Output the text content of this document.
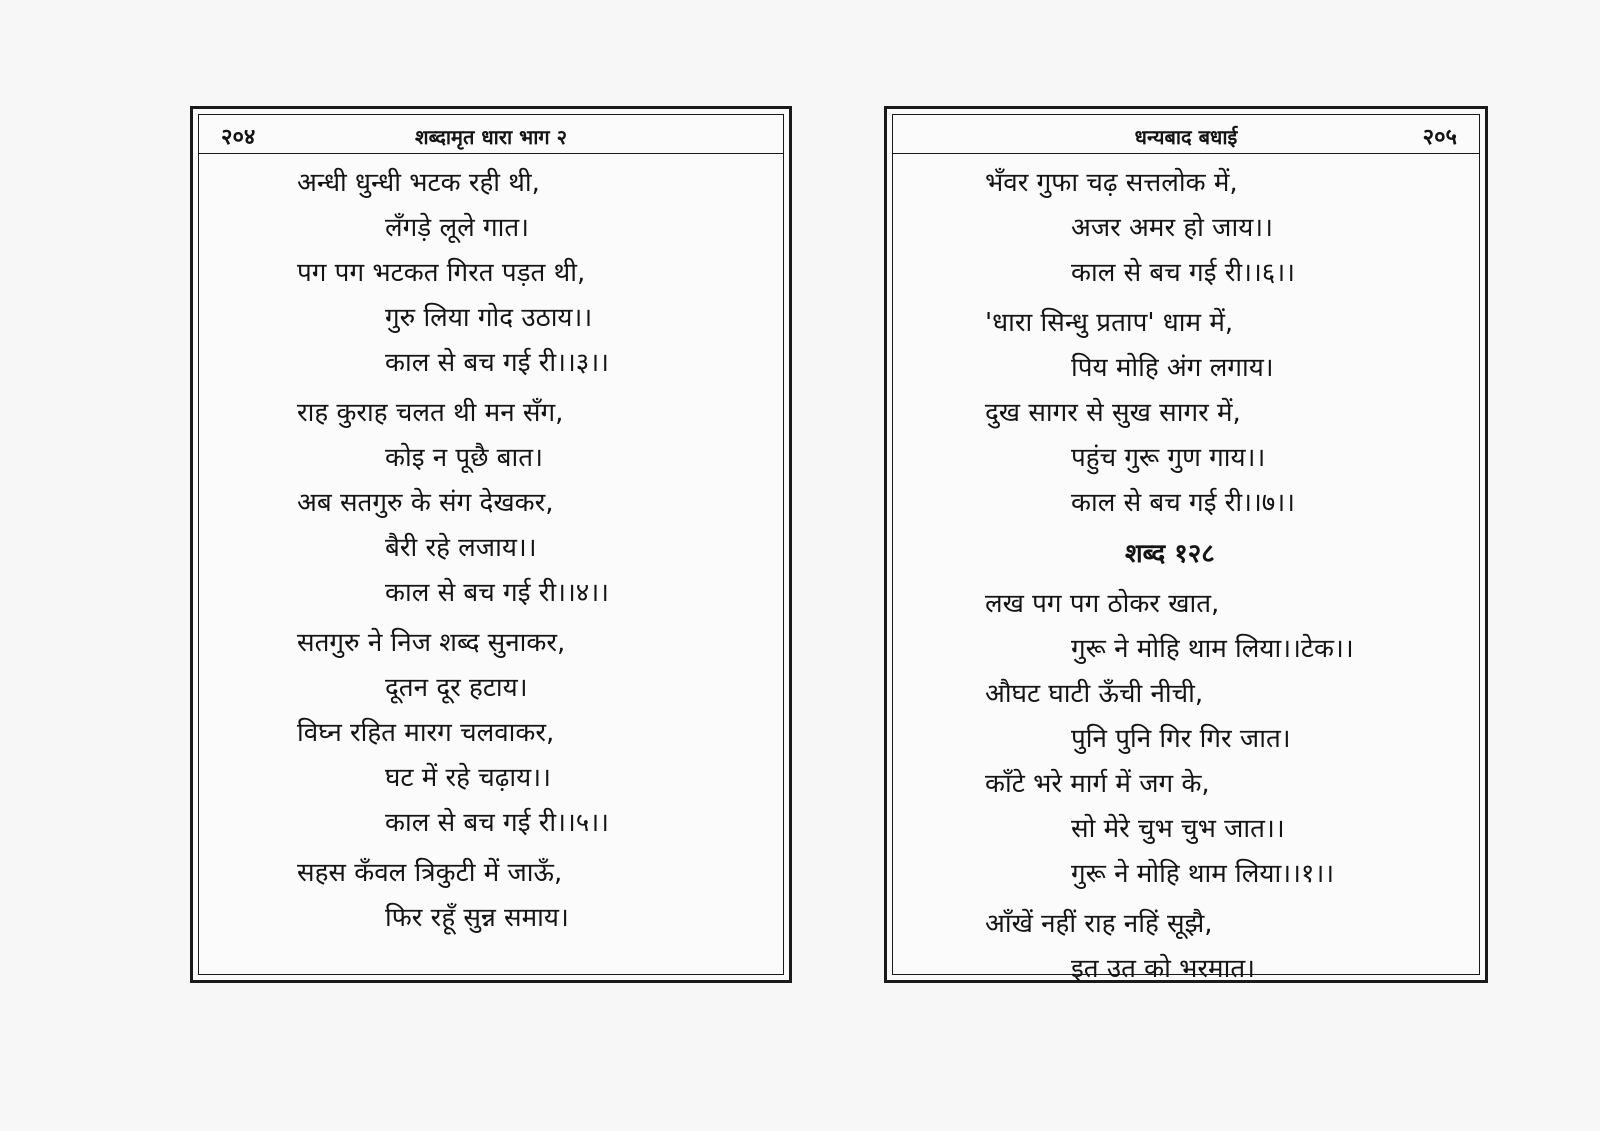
२०४	शब्दामृत धारा भाग २
अन्धी धुन्धी भटक रही थी,
लँगड़े लूले गात।
पग पग भटकत गिरत पड़त थी,
गुरु लिया गोद उठाय।।
काल से बच गई री।।३।।
राह कुराह चलत थी मन सँग,
कोइ न पूछै बात।
अब सतगुरु के संग देखकर,
बैरी रहे लजाय।।
काल से बच गई री।।४।।
सतगुरु ने निज शब्द सुनाकर,
दूतन दूर हटाय।
विघ्न रहित मारग चलवाकर,
घट में रहे चढ़ाय।।
काल से बच गई री।।५।।
सहस कँवल त्रिकुटी में जाऊँ,
फिर रहूँ सुन्न समाय।
धन्यबाद बधाई	२०५
भँवर गुफा चढ़ सत्तलोक में,
अजर अमर हो जाय।।
काल से बच गई री।।६।।
'धारा सिन्धु प्रताप' धाम में,
पिय मोहि अंग लगाय।
दुख सागर से सुख सागर में,
पहुंच गुरू गुण गाय।।
काल से बच गई री।।७।।
शब्द १२८
लख पग पग ठोकर खात,
गुरू ने मोहि थाम लिया।।टेक।।
औघट घाटी ऊँची नीची,
पुनि पुनि गिर गिर जात।
काँटे भरे मार्ग में जग के,
सो मेरे चुभ चुभ जात।।
गुरू ने मोहि थाम लिया।।१।।
आँखें नहीं राह नहिं सूझै,
इत उत को भरमात।
